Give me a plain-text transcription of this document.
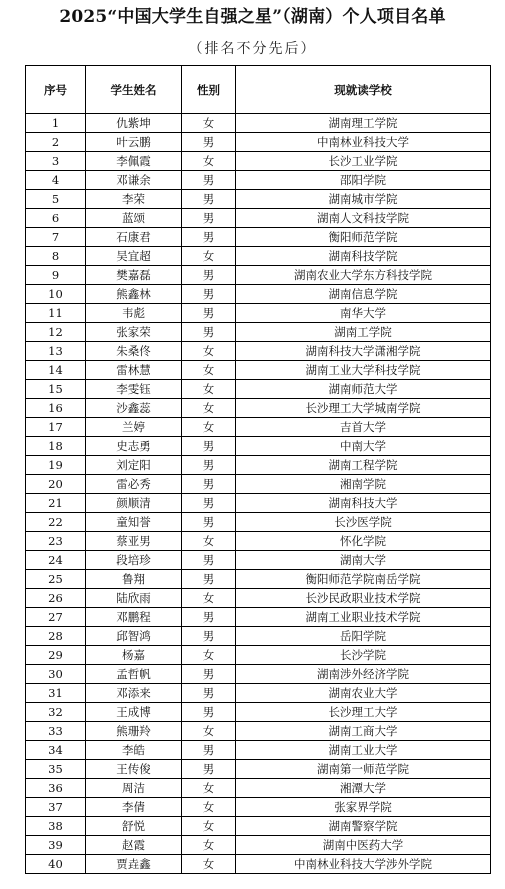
2025“中国大学生自强之星”（湖南）个人项目名单
（排名不分先后）
序号	学生姓名	性别	现就读学校
1	仇紫坤	女	湖南理工学院
2	叶云鹏	男	中南林业科技大学
3	李佩霞	女	长沙工业学院
4	邓谦余	男	邵阳学院
5	李荣	男	湖南城市学院
6	蓝颂	男	湖南人文科技学院
7	石康君	男	衡阳师范学院
8	吴宜超	女	湖南科技学院
9	樊嘉磊	男	湖南农业大学东方科技学院
10	熊鑫林	男	湖南信息学院
11	韦彪	男	南华大学
12	张家荣	男	湖南工学院
13	朱桑佟	女	湖南科技大学潇湘学院
14	雷林慧	女	湖南工业大学科技学院
15	李雯钰	女	湖南师范大学
16	沙鑫蕊	女	长沙理工大学城南学院
17	兰婷	女	吉首大学
18	史志勇	男	中南大学
19	刘定阳	男	湖南工程学院
20	雷必秀	男	湘南学院
21	颜顺清	男	湖南科技大学
22	童知誉	男	长沙医学院
23	蔡亚男	女	怀化学院
24	段培珍	男	湖南大学
25	鲁翔	男	衡阳师范学院南岳学院
26	陆欣雨	女	长沙民政职业技术学院
27	邓鹏程	男	湖南工业职业技术学院
28	邱智鸿	男	岳阳学院
29	杨嘉	女	长沙学院
30	孟哲帆	男	湖南涉外经济学院
31	邓添来	男	湖南农业大学
32	王成博	男	长沙理工大学
33	熊珊羚	女	湖南工商大学
34	李皓	男	湖南工业大学
35	王传俊	男	湖南第一师范学院
36	周洁	女	湘潭大学
37	李倩	女	张家界学院
38	舒悦	女	湖南警察学院
39	赵霞	女	湖南中医药大学
40	贾垚鑫	女	中南林业科技大学涉外学院
